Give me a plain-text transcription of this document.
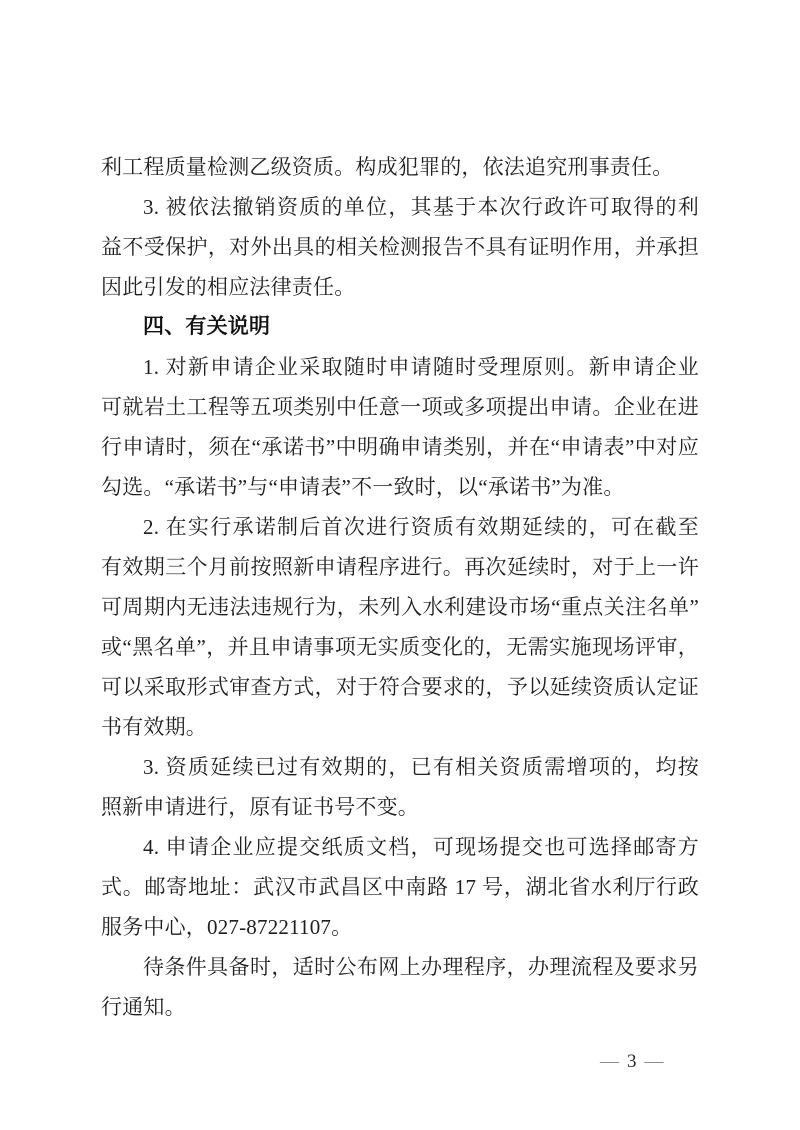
利工程质量检测乙级资质。构成犯罪的，依法追究刑事责任。
3. 被依法撤销资质的单位，其基于本次行政许可取得的利
益不受保护，对外出具的相关检测报告不具有证明作用，并承担
因此引发的相应法律责任。
四、有关说明
1. 对新申请企业采取随时申请随时受理原则。新申请企业
可就岩土工程等五项类别中任意一项或多项提出申请。企业在进
行申请时，须在“承诺书”中明确申请类别，并在“申请表”中对应
勾选。“承诺书”与“申请表”不一致时，以“承诺书”为准。
2. 在实行承诺制后首次进行资质有效期延续的，可在截至
有效期三个月前按照新申请程序进行。再次延续时，对于上一许
可周期内无违法违规行为，未列入水利建设市场“重点关注名单”
或“黑名单”，并且申请事项无实质变化的，无需实施现场评审，
可以采取形式审查方式，对于符合要求的，予以延续资质认定证
书有效期。
3. 资质延续已过有效期的，已有相关资质需增项的，均按
照新申请进行，原有证书号不变。
4. 申请企业应提交纸质文档，可现场提交也可选择邮寄方
式。邮寄地址：武汉市武昌区中南路 17 号，湖北省水利厅行政
服务中心，027-87221107。
待条件具备时，适时公布网上办理程序，办理流程及要求另
行通知。
— 3 —
